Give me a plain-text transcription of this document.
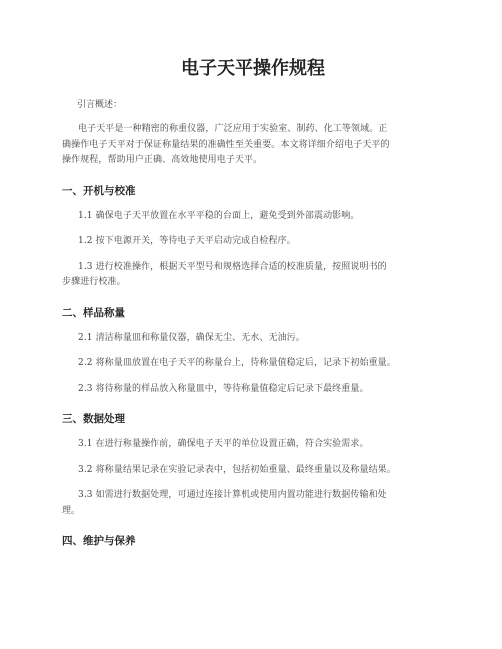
电子天平操作规程
引言概述：

电子天平是一种精密的称重仪器，广泛应用于实验室、制药、化工等领域。正
确操作电子天平对于保证称量结果的准确性至关重要。本文将详细介绍电子天平的
操作规程，帮助用户正确、高效地使用电子天平。

一、开机与校准

1.1 确保电子天平放置在水平平稳的台面上，避免受到外部震动影响。

1.2 按下电源开关，等待电子天平启动完成自检程序。

1.3 进行校准操作，根据天平型号和规格选择合适的校准质量，按照说明书的
步骤进行校准。

二、样品称量

2.1 清洁称量皿和称量仪器，确保无尘、无水、无油污。

2.2 将称量皿放置在电子天平的称量台上，待称量值稳定后，记录下初始重量。

2.3 将待称量的样品放入称量皿中，等待称量值稳定后记录下最终重量。

三、数据处理

3.1 在进行称量操作前，确保电子天平的单位设置正确，符合实验需求。

3.2 将称量结果记录在实验记录表中，包括初始重量、最终重量以及称量结果。

3.3 如需进行数据处理，可通过连接计算机或使用内置功能进行数据传输和处
理。

四、维护与保养
